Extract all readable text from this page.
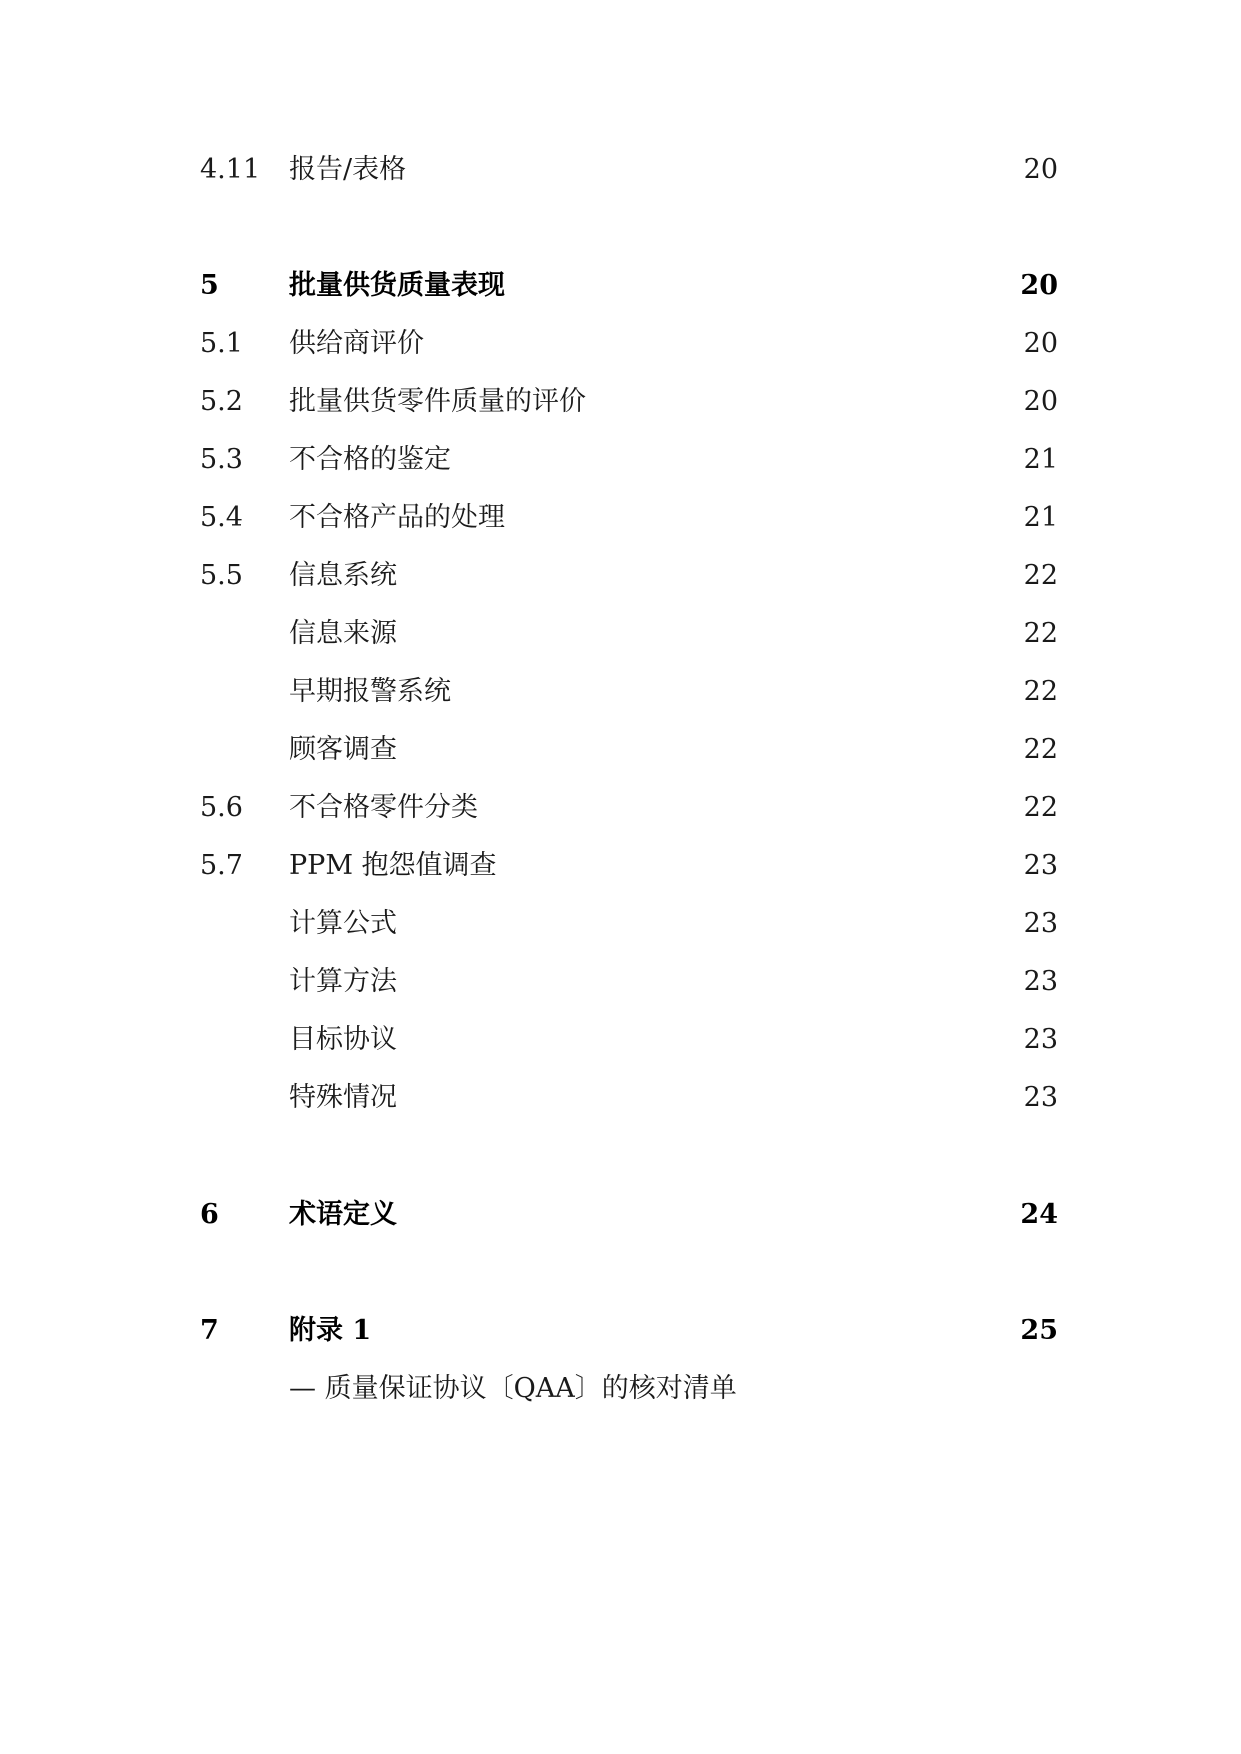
4.11 报告/表格	20
5	批量供货质量表现	20
5.1 供给商评价	20
5.2 批量供货零件质量的评价	20
5.3 不合格的鉴定	21
5.4 不合格产品的处理	21
5.5 信息系统	22
信息来源	22
早期报警系统	22
顾客调查	22
5.6 不合格零件分类	22
5.7 PPM 抱怨值调查	23
计算公式	23
计算方法	23
目标协议	23
特殊情况	23
6	术语定义	24
7	附录 1	25
— 质量保证协议〔QAA〕的核对清单
